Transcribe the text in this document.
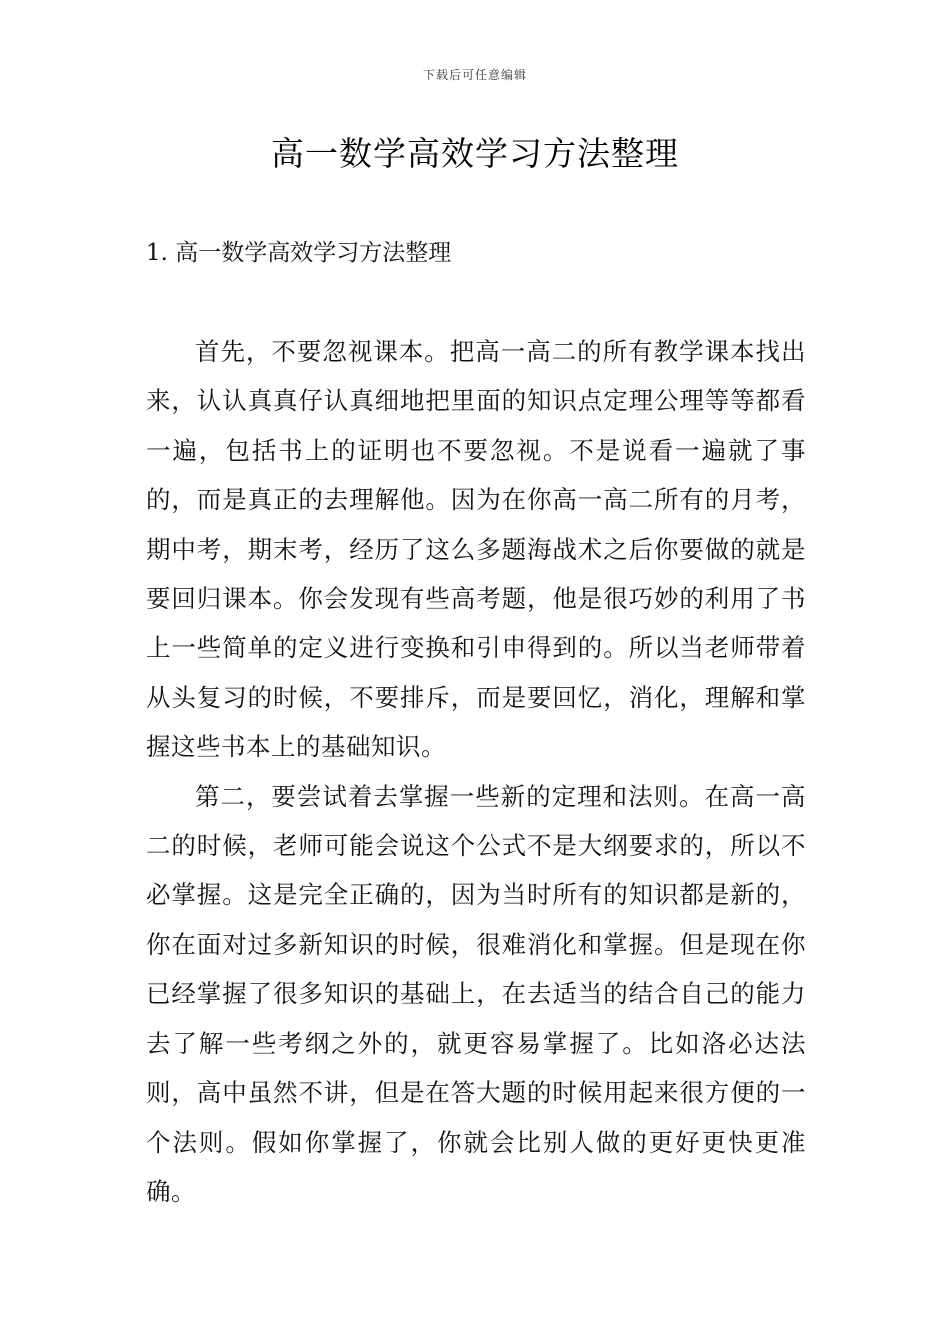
下载后可任意编辑
高一数学高效学习方法整理
1. 高一数学高效学习方法整理

首先，不要忽视课本。把高一高二的所有教学课本找出来，认认真真仔认真细地把里面的知识点定理公理等等都看一遍，包括书上的证明也不要忽视。不是说看一遍就了事的，而是真正的去理解他。因为在你高一高二所有的月考，期中考，期末考，经历了这么多题海战术之后你要做的就是要回归课本。你会发现有些高考题，他是很巧妙的利用了书上一些简单的定义进行变换和引申得到的。所以当老师带着从头复习的时候，不要排斥，而是要回忆，消化，理解和掌握这些书本上的基础知识。

第二，要尝试着去掌握一些新的定理和法则。在高一高二的时候，老师可能会说这个公式不是大纲要求的，所以不必掌握。这是完全正确的，因为当时所有的知识都是新的，你在面对过多新知识的时候，很难消化和掌握。但是现在你已经掌握了很多知识的基础上，在去适当的结合自己的能力去了解一些考纲之外的，就更容易掌握了。比如洛必达法则，高中虽然不讲，但是在答大题的时候用起来很方便的一个法则。假如你掌握了，你就会比别人做的更好更快更准确。
